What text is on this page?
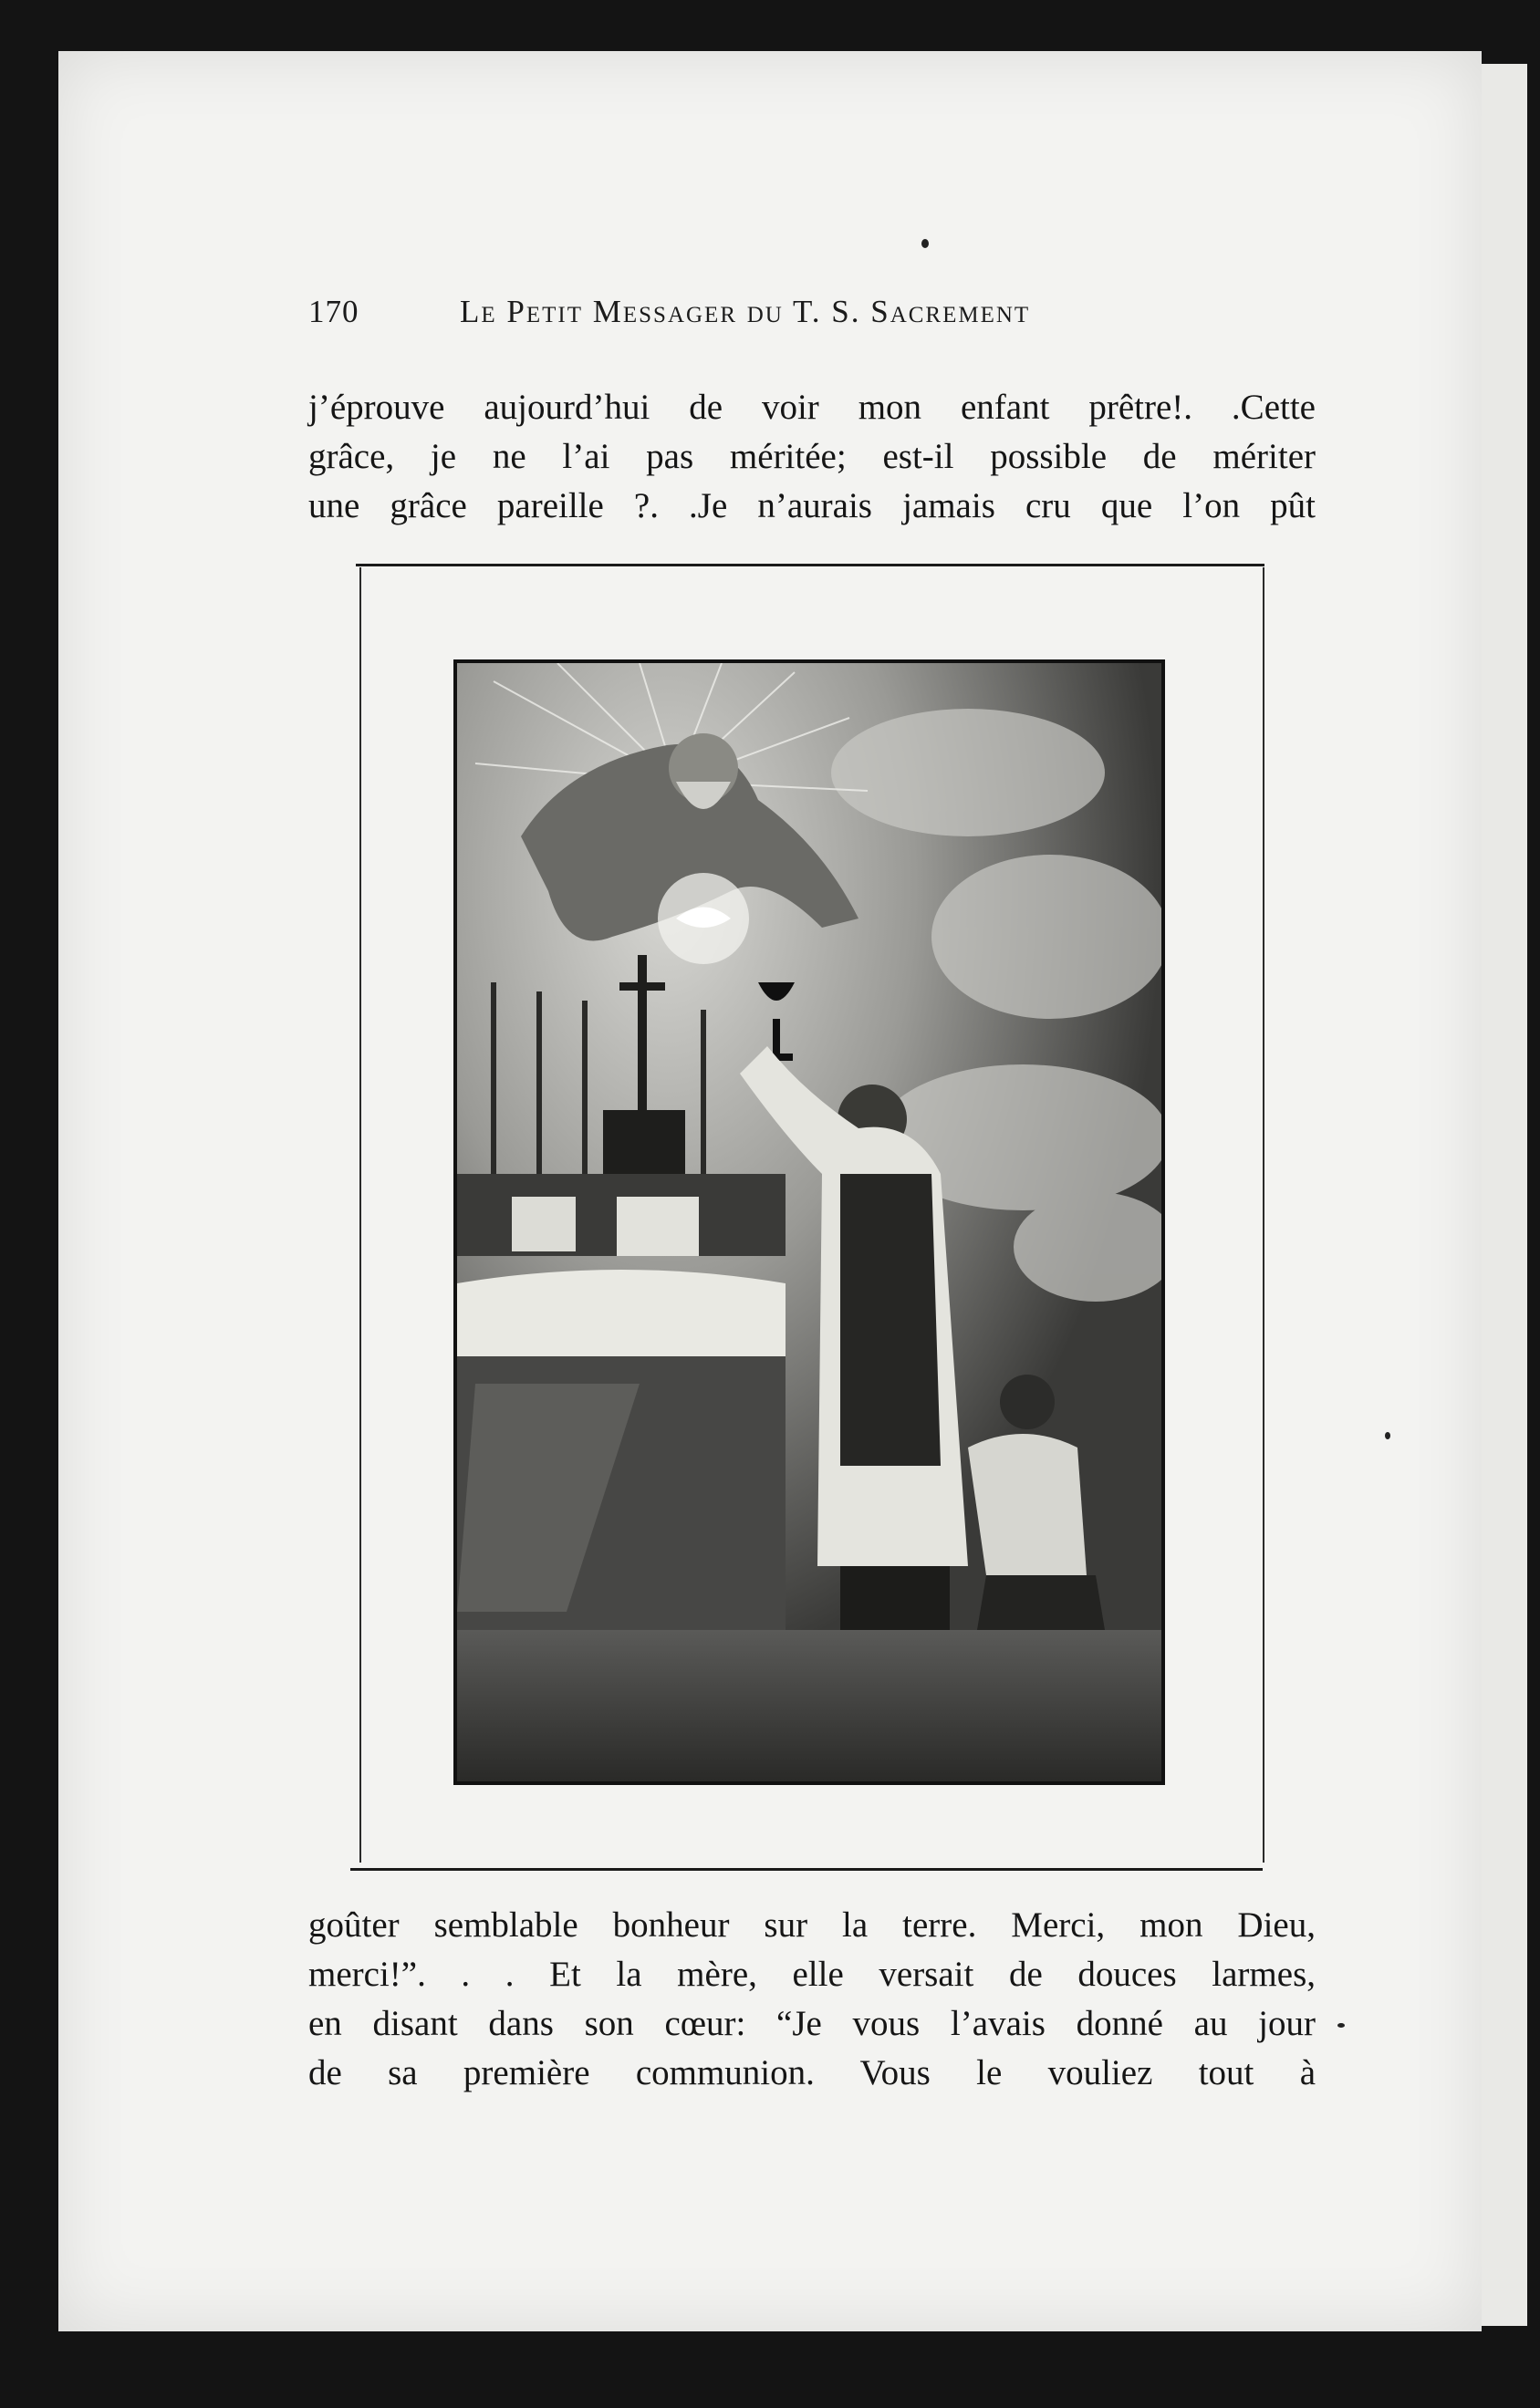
170	Le Petit Messager du T. S. Sacrement
j’éprouve aujourd’hui de voir mon enfant prêtre!. .Cette
grâce, je ne l’ai pas méritée; est-il possible de mériter
une grâce pareille ?. .Je n’aurais jamais cru que l’on pût
goûter semblable bonheur sur la terre. Merci, mon Dieu,
merci!”. . . Et la mère, elle versait de douces larmes,
en disant dans son cœur: “Je vous l’avais donné au jour
de sa première communion. Vous le vouliez tout à
